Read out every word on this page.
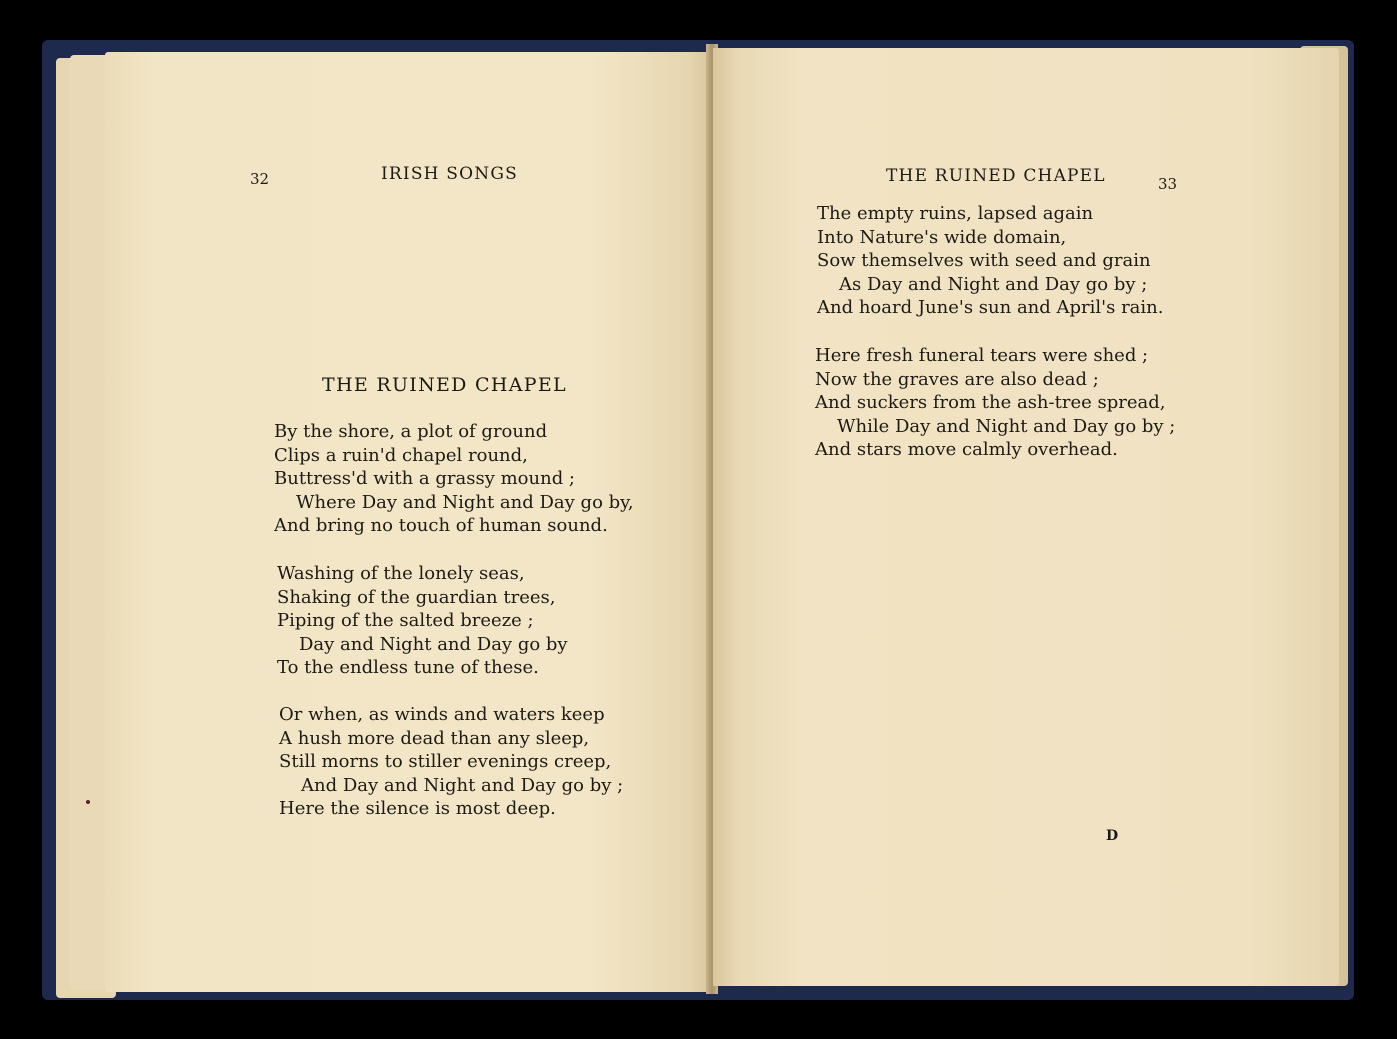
32	IRISH SONGS
THE RUINED CHAPEL
By the shore, a plot of ground
Clips a ruin'd chapel round,
Buttress'd with a grassy mound ;
Where Day and Night and Day go by,
And bring no touch of human sound.
Washing of the lonely seas,
Shaking of the guardian trees,
Piping of the salted breeze ;
Day and Night and Day go by
To the endless tune of these.
Or when, as winds and waters keep
A hush more dead than any sleep,
Still morns to stiller evenings creep,
And Day and Night and Day go by ;
Here the silence is most deep.
THE RUINED CHAPEL	33
The empty ruins, lapsed again
Into Nature's wide domain,
Sow themselves with seed and grain
As Day and Night and Day go by ;
And hoard June's sun and April's rain.
Here fresh funeral tears were shed ;
Now the graves are also dead ;
And suckers from the ash-tree spread,
While Day and Night and Day go by ;
And stars move calmly overhead.
D
